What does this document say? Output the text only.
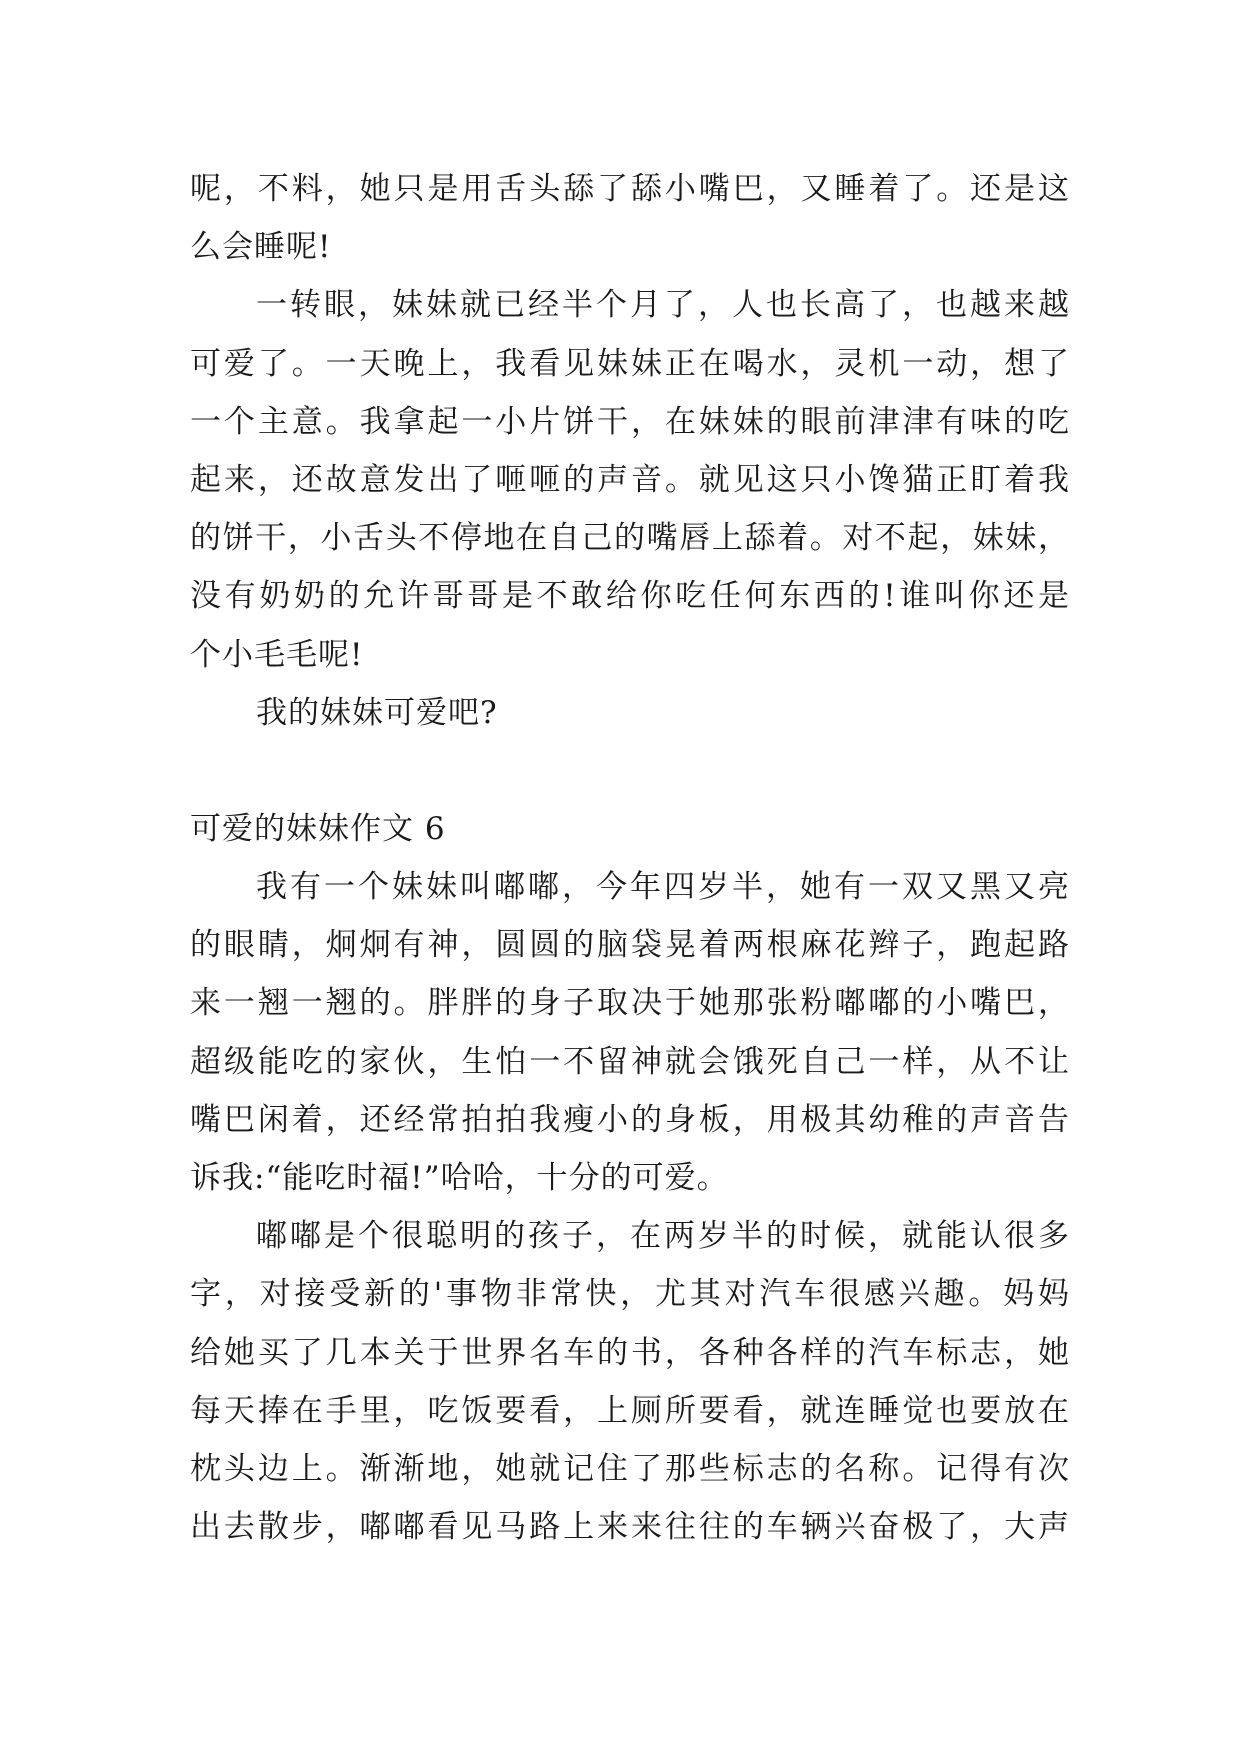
呢，不料，她只是用舌头舔了舔小嘴巴，又睡着了。还是这
么会睡呢!
一转眼，妹妹就已经半个月了，人也长高了，也越来越
可爱了。一天晚上，我看见妹妹正在喝水，灵机一动，想了
一个主意。我拿起一小片饼干，在妹妹的眼前津津有味的吃
起来，还故意发出了咂咂的声音。就见这只小馋猫正盯着我
的饼干，小舌头不停地在自己的嘴唇上舔着。对不起，妹妹，
没有奶奶的允许哥哥是不敢给你吃任何东西的!谁叫你还是
个小毛毛呢!
我的妹妹可爱吧?
可爱的妹妹作文 6
我有一个妹妹叫嘟嘟，今年四岁半，她有一双又黑又亮
的眼睛，炯炯有神，圆圆的脑袋晃着两根麻花辫子，跑起路
来一翘一翘的。胖胖的身子取决于她那张粉嘟嘟的小嘴巴，
超级能吃的家伙，生怕一不留神就会饿死自己一样，从不让
嘴巴闲着，还经常拍拍我瘦小的身板，用极其幼稚的声音告
诉我:“能吃时福!”哈哈，十分的可爱。
嘟嘟是个很聪明的孩子，在两岁半的时候，就能认很多
字，对接受新的'事物非常快，尤其对汽车很感兴趣。妈妈
给她买了几本关于世界名车的书，各种各样的汽车标志，她
每天捧在手里，吃饭要看，上厕所要看，就连睡觉也要放在
枕头边上。渐渐地，她就记住了那些标志的名称。记得有次
出去散步，嘟嘟看见马路上来来往往的车辆兴奋极了，大声
